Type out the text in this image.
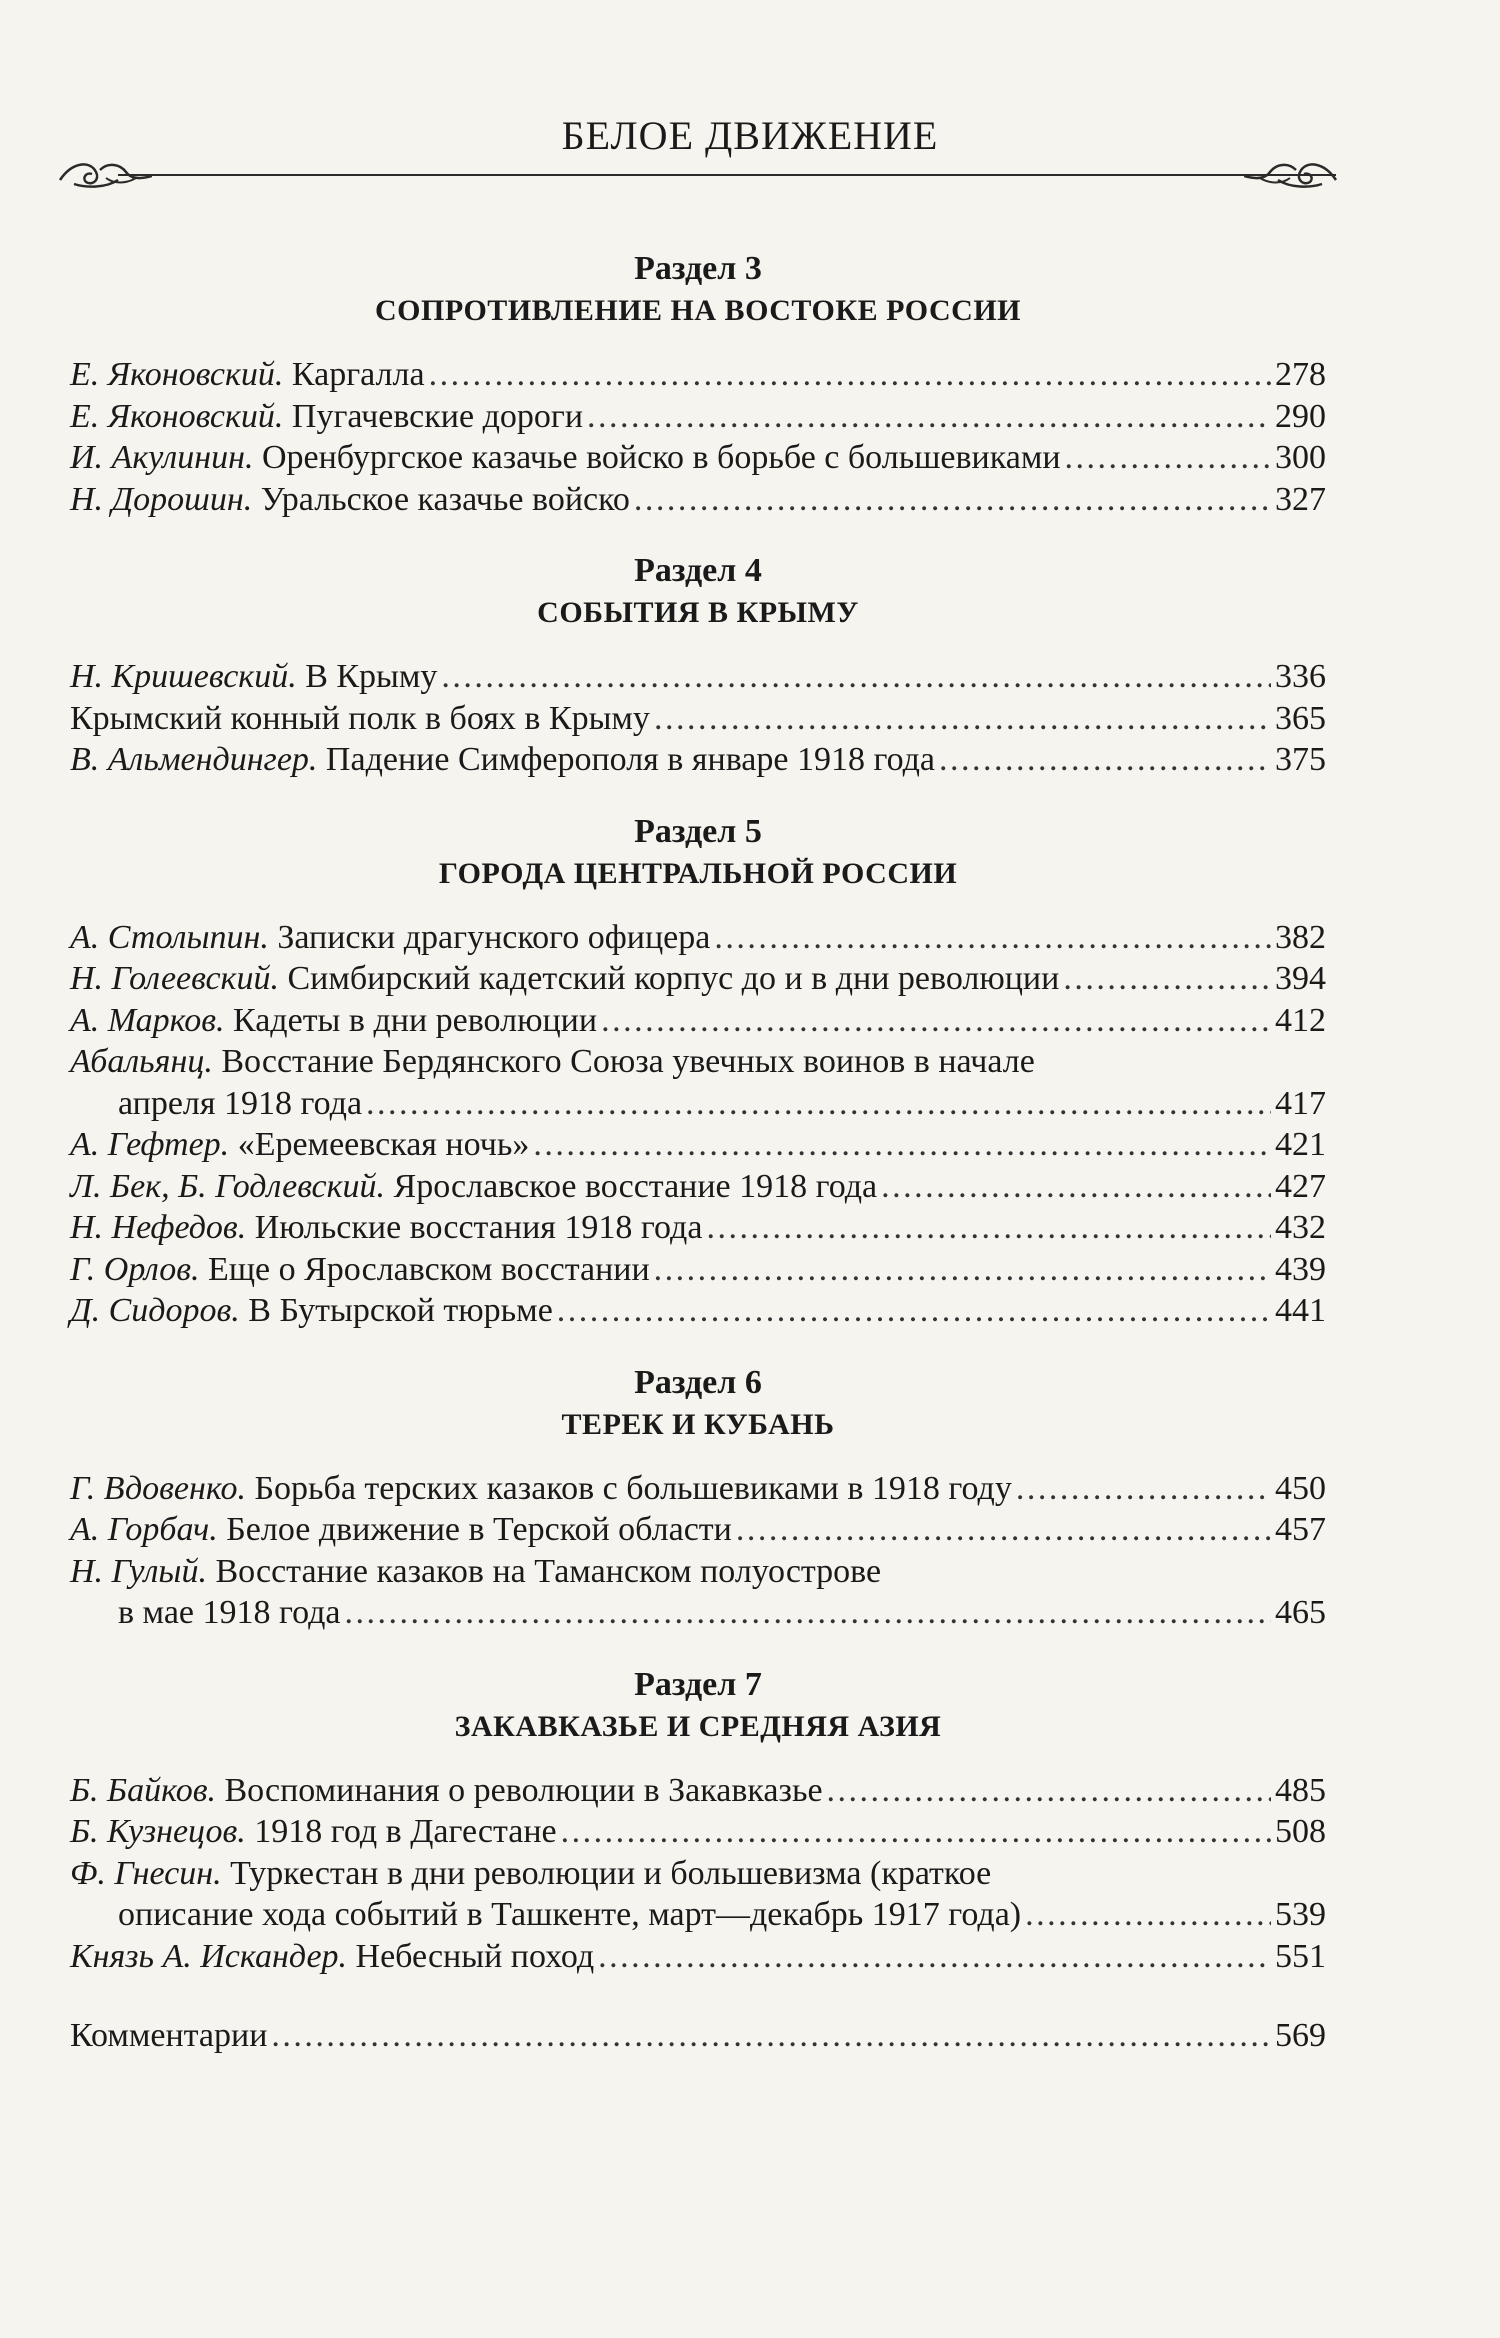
БЕЛОЕ ДВИЖЕНИЕ
Раздел 3
СОПРОТИВЛЕНИЕ НА ВОСТОКЕ РОССИИ
Е. Яконовский. Каргалла . . .	278
Е. Яконовский. Пугачевские дороги . . .	290
И. Акулинин. Оренбургское казачье войско в борьбе с большевиками . . .	300
Н. Дорошин. Уральское казачье войско . . .	327
Раздел 4
СОБЫТИЯ В КРЫМУ
Н. Кришевский. В Крыму . . .	336
Крымский конный полк в боях в Крыму . . .	365
В. Альмендингер. Падение Симферополя в январе 1918 года . . .	375
Раздел 5
ГОРОДА ЦЕНТРАЛЬНОЙ РОССИИ
А. Столыпин. Записки драгунского офицера . . .	382
Н. Голеевский. Симбирский кадетский корпус до и в дни революции . . .	394
А. Марков. Кадеты в дни революции . . .	412
Абальянц. Восстание Бердянского Союза увечных воинов в начале
апреля 1918 года . . .	417
А. Гефтер. «Еремеевская ночь» . . .	421
Л. Бек, Б. Годлевский. Ярославское восстание 1918 года . . .	427
Н. Нефедов. Июльские восстания 1918 года . . .	432
Г. Орлов. Еще о Ярославском восстании . . .	439
Д. Сидоров. В Бутырской тюрьме . . .	441
Раздел 6
ТЕРЕК И КУБАНЬ
Г. Вдовенко. Борьба терских казаков с большевиками в 1918 году . . .	450
А. Горбач. Белое движение в Терской области . . .	457
Н. Гулый. Восстание казаков на Таманском полуострове
в мае 1918 года . . .	465
Раздел 7
ЗАКАВКАЗЬЕ И СРЕДНЯЯ АЗИЯ
Б. Байков. Воспоминания о революции в Закавказье . . .	485
Б. Кузнецов. 1918 год в Дагестане . . .	508
Ф. Гнесин. Туркестан в дни революции и большевизма (краткое
описание хода событий в Ташкенте, март—декабрь 1917 года) . . .	539
Князь А. Искандер. Небесный поход . . .	551
Комментарии . . .	569
